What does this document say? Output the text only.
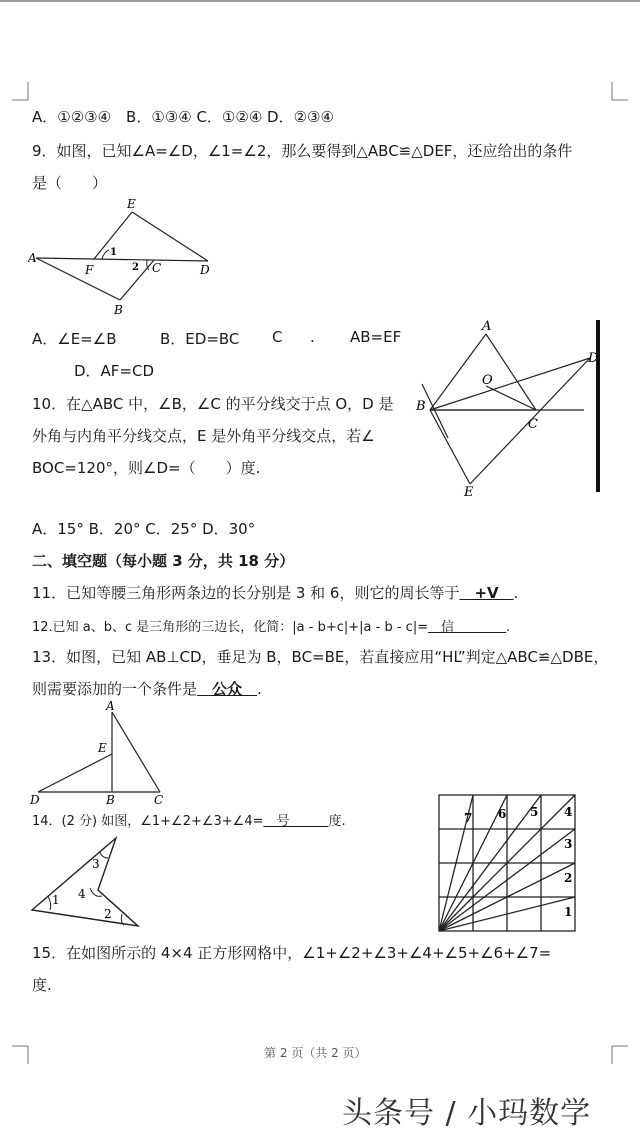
A．①②③④　B．①③④ C．①②④ D．②③④
9．如图，已知∠A=∠D，∠1=∠2，那么要得到△ABC≌△DEF，还应给出的条件
是（　　）
A
E
F
1
2 C	D
B
A．∠E=∠B	B．ED=BC C . AB=EF
D．AF=CD
A
D
O
B
C
E
10．在△ABC 中，∠B，∠C 的平分线交于点 O，D 是
外角与内角平分线交点，E 是外角平分线交点，若∠
BOC=120°，则∠D=（　　）度.
A．15° B．20° C．25° D．30°
二、填空题（每小题 3 分，共 18 分）
11．已知等腰三角形两条边的长分别是 3 和 6，则它的周长等于　+V　.
12.已知 a、b、c 是三角形的三边长，化简：|a - b+c|+|a - b - c|=　信　　　　.
13．如图，已知 AB⊥CD，垂足为 B，BC=BE，若直接应用“HL”判定△ABC≌△DBE，
则需要添加的一个条件是　公众　.
A
E
D	B	C
14．(2 分) 如图，∠1+∠2+∠3+∠4=　号　　　度.
1
2
3
4
1
2
3
4
5
6
7
15．在如图所示的 4×4 正方形网格中，∠1+∠2+∠3+∠4+∠5+∠6+∠7=
度.
第 2 页（共 2 页）
头条号 / 小玛数学
